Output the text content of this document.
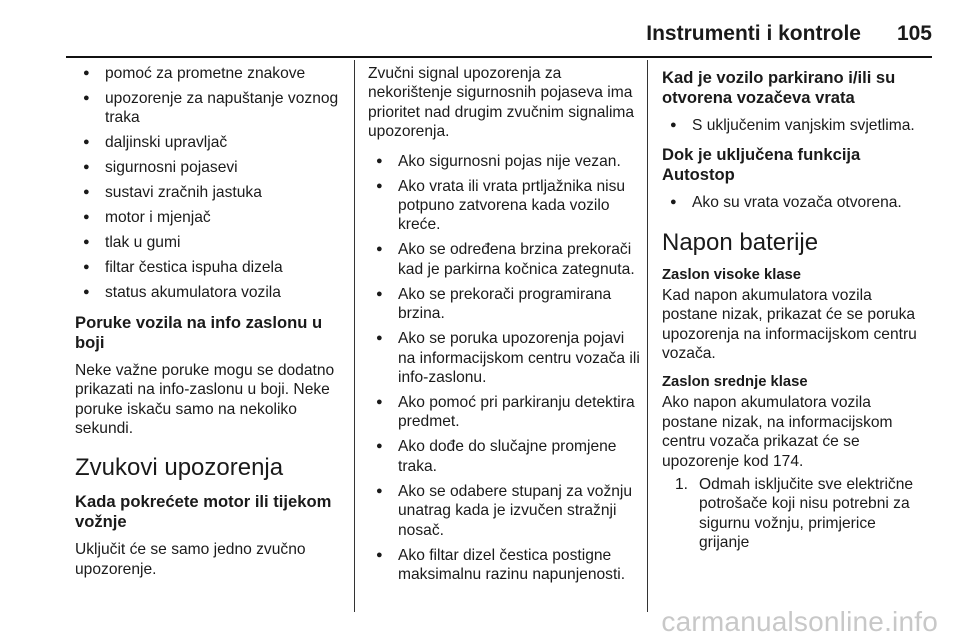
Instrumenti i kontrole 105
● pomoć za prometne znakove
● upozorenje za napuštanje voznog traka
● daljinski upravljač
● sigurnosni pojasevi
● sustavi zračnih jastuka
● motor i mjenjač
● tlak u gumi
● filtar čestica ispuha dizela
● status akumulatora vozila
Poruke vozila na info zaslonu u boji

Neke važne poruke mogu se dodatno prikazati na info-zaslonu u boji. Neke poruke iskaču samo na nekoliko sekundi.

Zvukovi upozorenja
Kada pokrećete motor ili tijekom vožnje

Uključit će se samo jedno zvučno upozorenje.

Zvučni signal upozorenja za nekorištenje sigurnosnih pojaseva ima prioritet nad drugim zvučnim signalima upozorenja.

● Ako sigurnosni pojas nije vezan.
● Ako vrata ili vrata prtljažnika nisu potpuno zatvorena kada vozilo kreće.
● Ako se određena brzina prekorači kad je parkirna kočnica zategnuta.
● Ako se prekorači programirana brzina.
● Ako se poruka upozorenja pojavi na informacijskom centru vozača ili info-zaslonu.
● Ako pomoć pri parkiranju detektira predmet.
● Ako dođe do slučajne promjene traka.
● Ako se odabere stupanj za vožnju unatrag kada je izvučen stražnji nosač.
● Ako filtar dizel čestica postigne maksimalnu razinu napunjenosti.
Kad je vozilo parkirano i/ili su otvorena vozačeva vrata
● S uključenim vanjskim svjetlima.
Dok je uključena funkcija Autostop
● Ako su vrata vozača otvorena.
Napon baterije
Zaslon visoke klase

Kad napon akumulatora vozila postane nizak, prikazat će se poruka upozorenja na informacijskom centru vozača.

Zaslon srednje klase

Ako napon akumulatora vozila postane nizak, na informacijskom centru vozača prikazat će se upozorenje kod 174.

1. Odmah isključite sve električne potrošače koji nisu potrebni za sigurnu vožnju, primjerice grijanje
carmanualsonline.info
